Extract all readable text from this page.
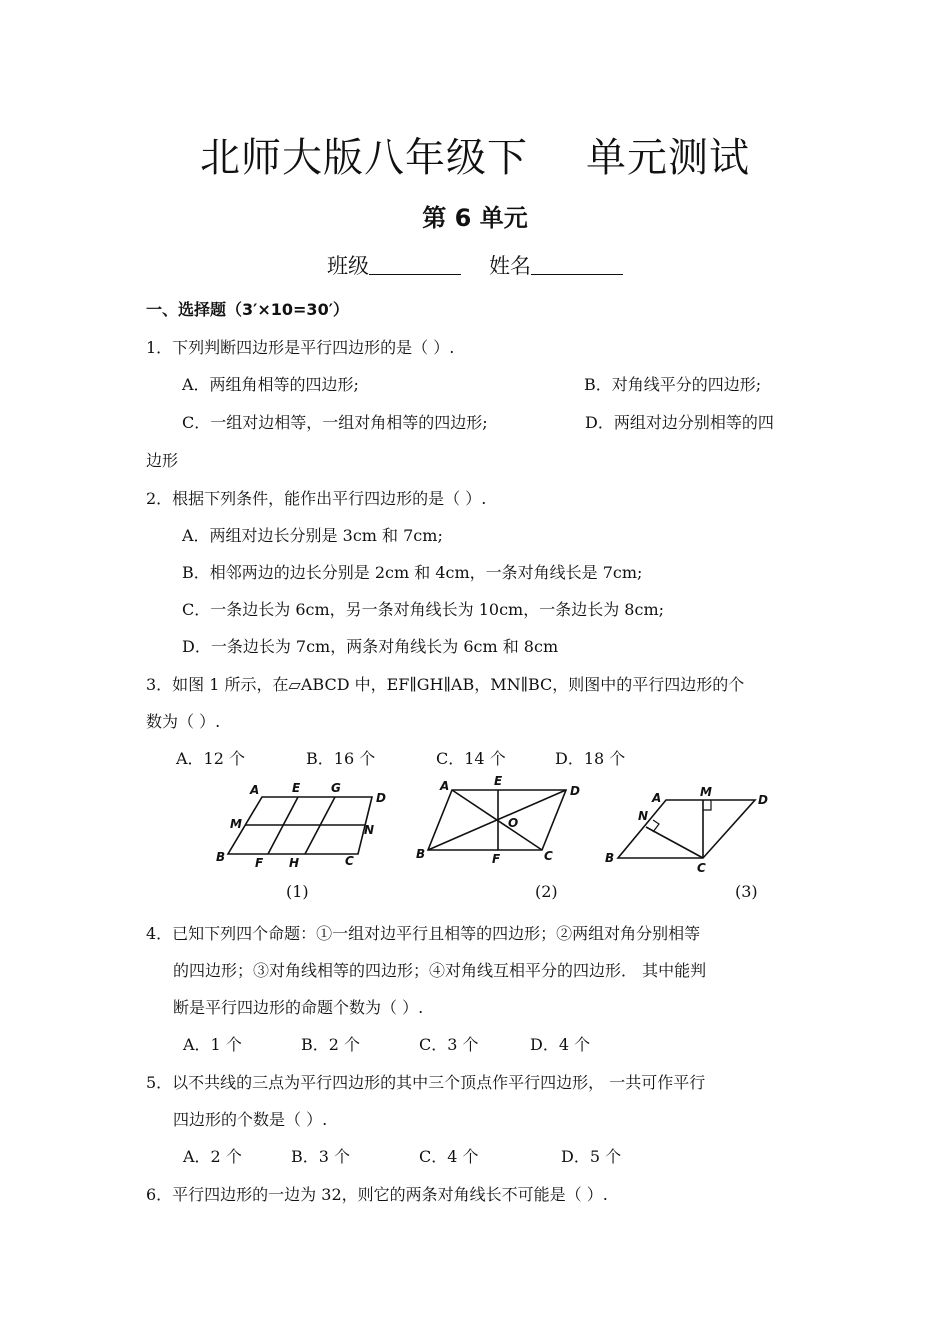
北师大版八年级下 单元测试
第 6 单元
班级	姓名
一、选择题（3′×10=30′）
1．下列判断四边形是平行四边形的是（ ）.
A．两组角相等的四边形;	B．对角线平分的四边形;
C．一组对边相等，一组对角相等的四边形;	D．两组对边分别相等的四
边形
2．根据下列条件，能作出平行四边形的是（ ）.
A．两组对边长分别是 3cm 和 7cm;
B．相邻两边的边长分别是 2cm 和 4cm，一条对角线长是 7cm;
C．一条边长为 6cm，另一条对角线长为 10cm，一条边长为 8cm;
D．一条边长为 7cm，两条对角线长为 6cm 和 8cm
3．如图 1 所示，在▱ABCD 中，EF∥GH∥AB，MN∥BC，则图中的平行四边形的个
数为（ ）.
A．12 个	B．16 个	C．14 个	D．18 个
A	E	G
D
M	N
B F H	C
A	E
D
O
B	F	C
A	M
D
N
B
C
(1)	(2)	(3)
4．已知下列四个命题：①一组对边平行且相等的四边形；②两组对角分别相等
的四边形；③对角线相等的四边形；④对角线互相平分的四边形． 其中能判
断是平行四边形的命题个数为（ ）.
A．1 个	B．2 个	C．3 个	D．4 个
5．以不共线的三点为平行四边形的其中三个顶点作平行四边形， 一共可作平行
四边形的个数是（ ）.
A．2 个	B．3 个	C．4 个	D．5 个
6．平行四边形的一边为 32，则它的两条对角线长不可能是（ ）.
